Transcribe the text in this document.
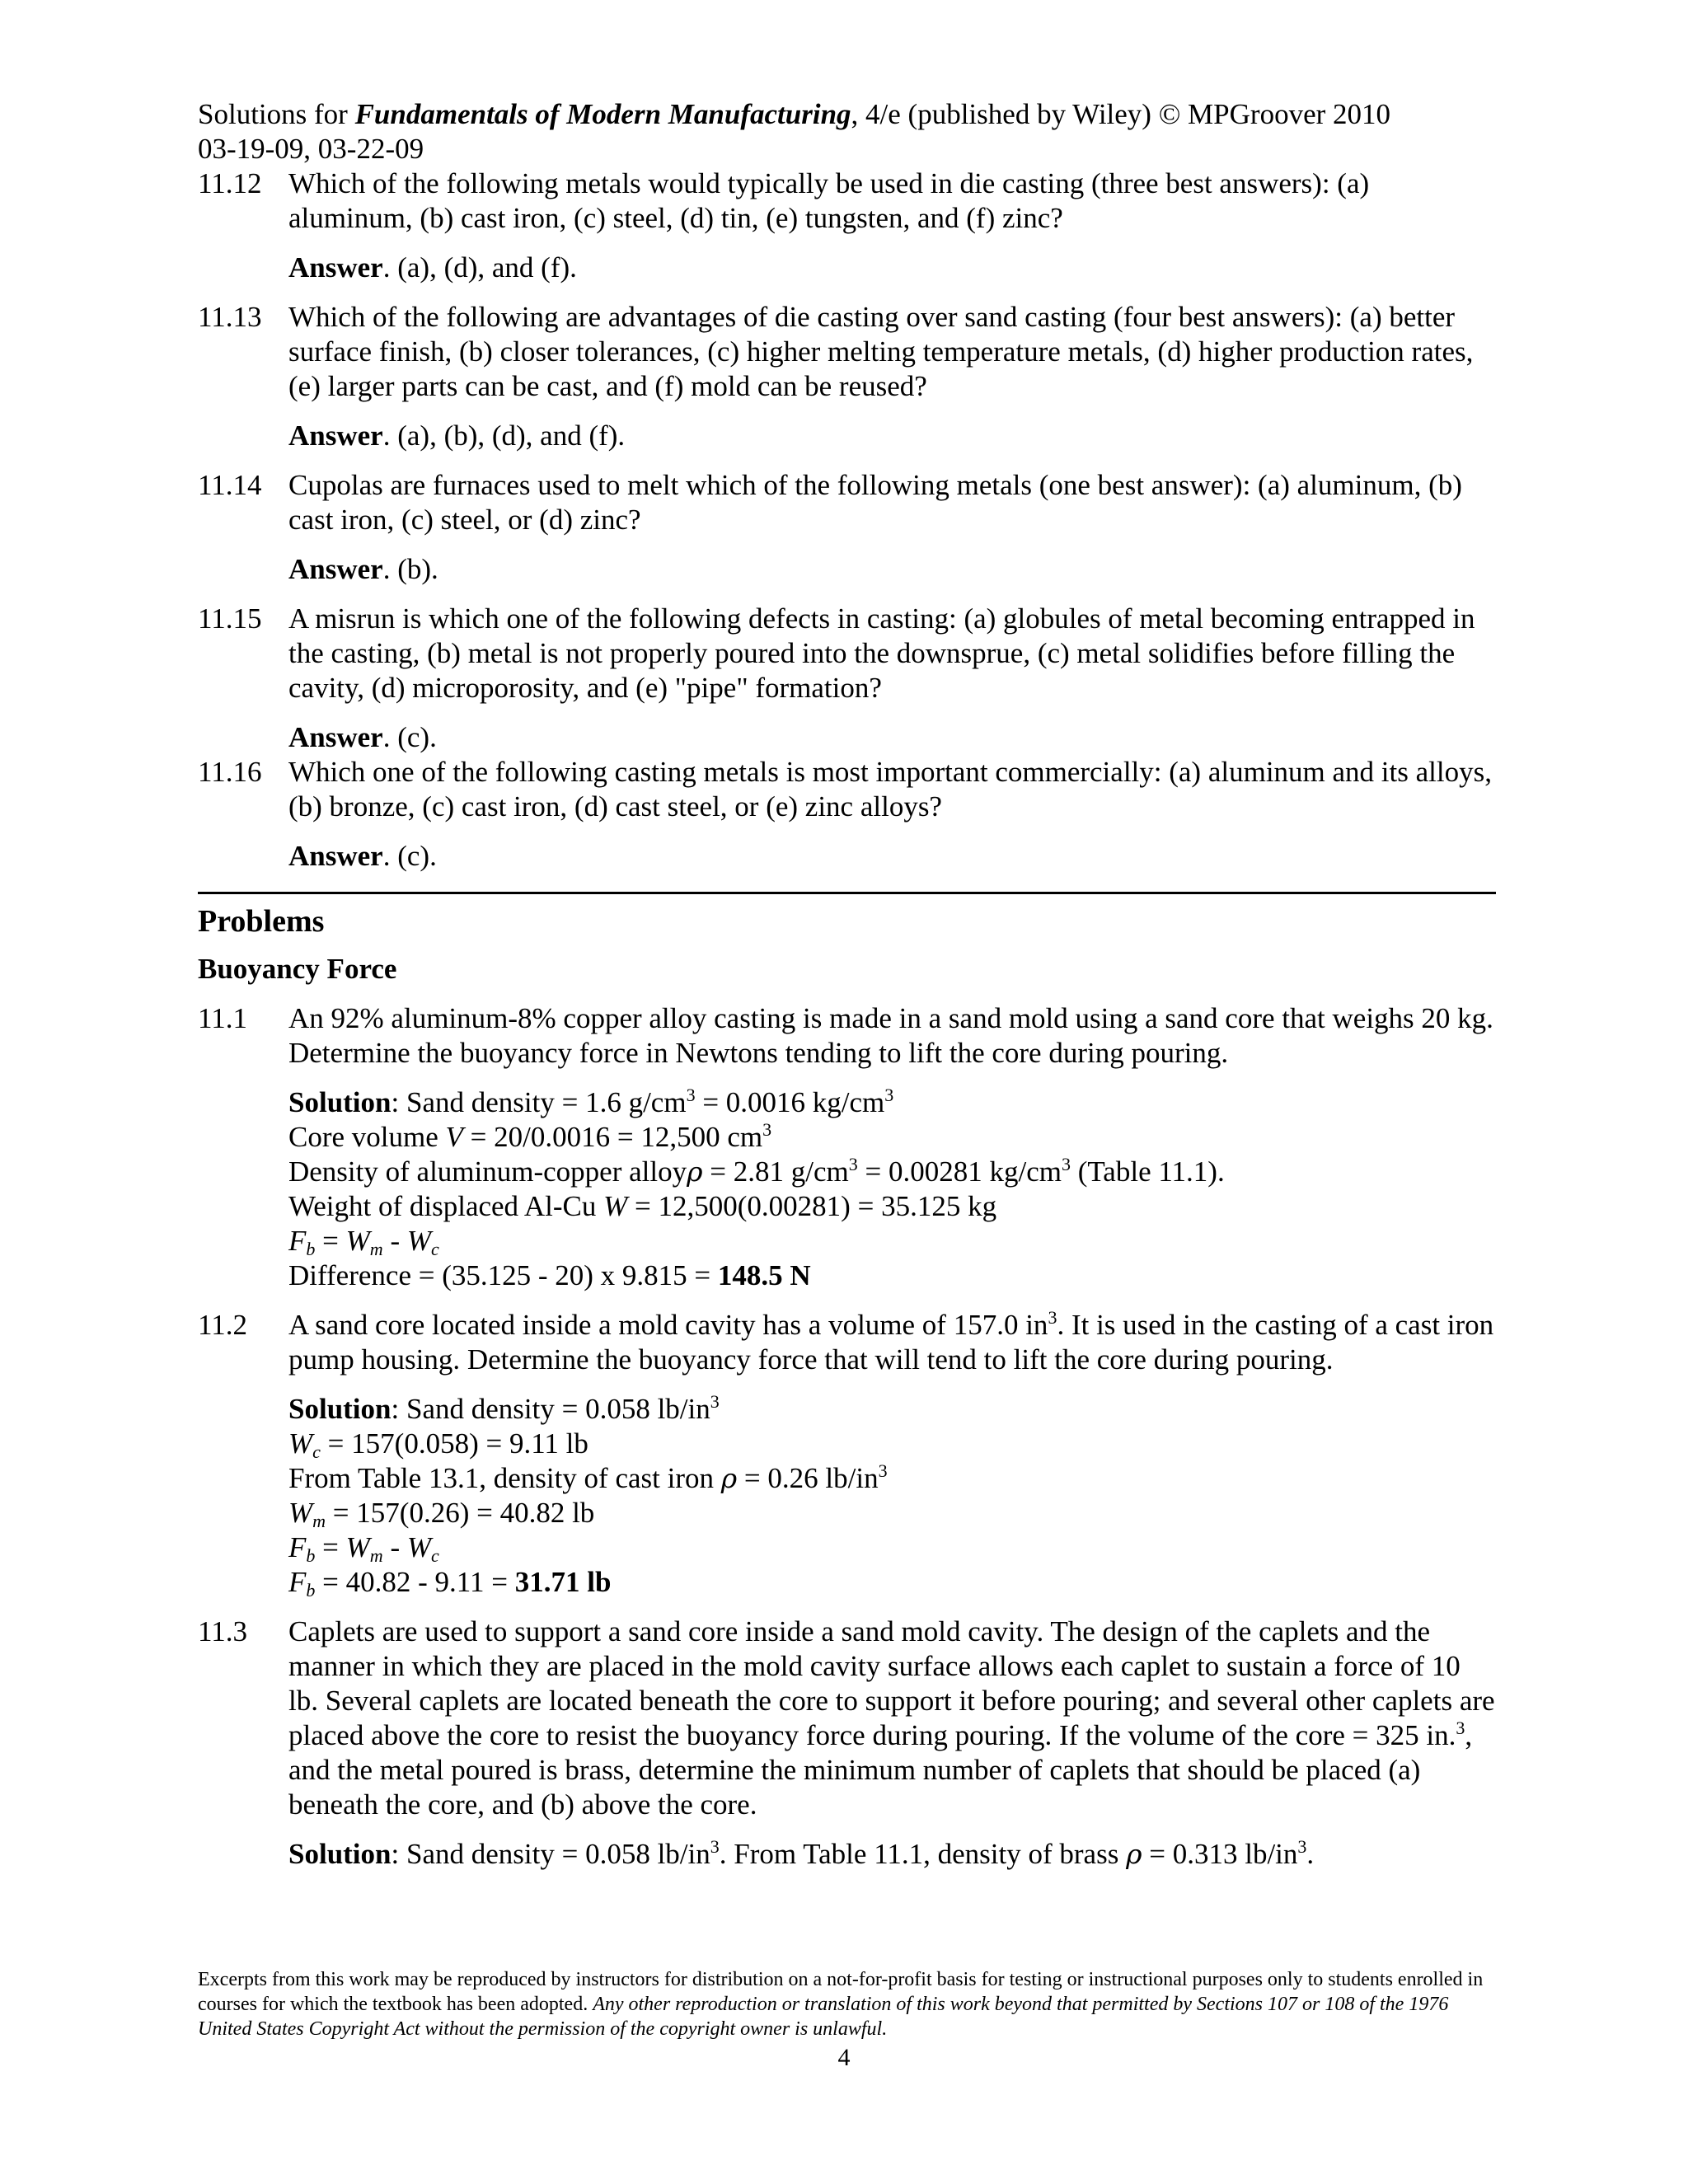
Solutions for Fundamentals of Modern Manufacturing, 4/e (published by Wiley) © MPGroover 2010
03-19-09, 03-22-09
11.12 Which of the following metals would typically be used in die casting (three best answers): (a) aluminum, (b) cast iron, (c) steel, (d) tin, (e) tungsten, and (f) zinc?
Answer. (a), (d), and (f).
11.13 Which of the following are advantages of die casting over sand casting (four best answers): (a) better surface finish, (b) closer tolerances, (c) higher melting temperature metals, (d) higher production rates, (e) larger parts can be cast, and (f) mold can be reused?
Answer. (a), (b), (d), and (f).
11.14 Cupolas are furnaces used to melt which of the following metals (one best answer): (a) aluminum, (b) cast iron, (c) steel, or (d) zinc?
Answer. (b).
11.15 A misrun is which one of the following defects in casting: (a) globules of metal becoming entrapped in the casting, (b) metal is not properly poured into the downsprue, (c) metal solidifies before filling the cavity, (d) microporosity, and (e) "pipe" formation?
Answer. (c).
11.16 Which one of the following casting metals is most important commercially: (a) aluminum and its alloys, (b) bronze, (c) cast iron, (d) cast steel, or (e) zinc alloys?
Answer. (c).
Problems
Buoyancy Force
11.1	An 92% aluminum-8% copper alloy casting is made in a sand mold using a sand core that weighs 20 kg. Determine the buoyancy force in Newtons tending to lift the core during pouring.
Solution: Sand density = 1.6 $g/cm^3 = 0.0016$ $kg/cm^3$
Core volume V = 20/0.0016 = 12,500 $cm^3$
Density of aluminum-copper alloyρ = 2.81 $g/cm^3 = 0.00281$ $kg/cm^3$ (Table 11.1).
Weight of displaced Al-Cu W = 12,500(0.00281) = 35.125 kg
$F_b = W_m - W_c$
Difference = (35.125 - 20) x 9.815 = 148.5 N
11.2	A sand core located inside a mold cavity has a volume of 157.0 $in^3$. It is used in the casting of a cast iron pump housing. Determine the buoyancy force that will tend to lift the core during pouring.
Solution: Sand density = 0.058 $lb/in^3$
$W_c = 157(0.058) = 9.11$ lb
From Table 13.1, density of cast iron ρ = 0.26 $lb/in^3$
$W_m = 157(0.26) = 40.82$ lb
$F_b = W_m - W_c$
$F_b = 40.82 - 9.11 = 31.71$ lb
11.3	Caplets are used to support a sand core inside a sand mold cavity. The design of the caplets and the manner in which they are placed in the mold cavity surface allows each caplet to sustain a force of 10 lb. Several caplets are located beneath the core to support it before pouring; and several other caplets are placed above the core to resist the buoyancy force during pouring. If the volume of the core = 325 in.$^3$, and the metal poured is brass, determine the minimum number of caplets that should be placed (a) beneath the core, and (b) above the core.
Solution: Sand density = 0.058 $lb/in^3$. From Table 11.1, density of brass ρ = 0.313 $lb/in^3$.
Excerpts from this work may be reproduced by instructors for distribution on a not-for-profit basis for testing or instructional purposes only to students enrolled in courses for which the textbook has been adopted. Any other reproduction or translation of this work beyond that permitted by Sections 107 or 108 of the 1976 United States Copyright Act without the permission of the copyright owner is unlawful.
4
